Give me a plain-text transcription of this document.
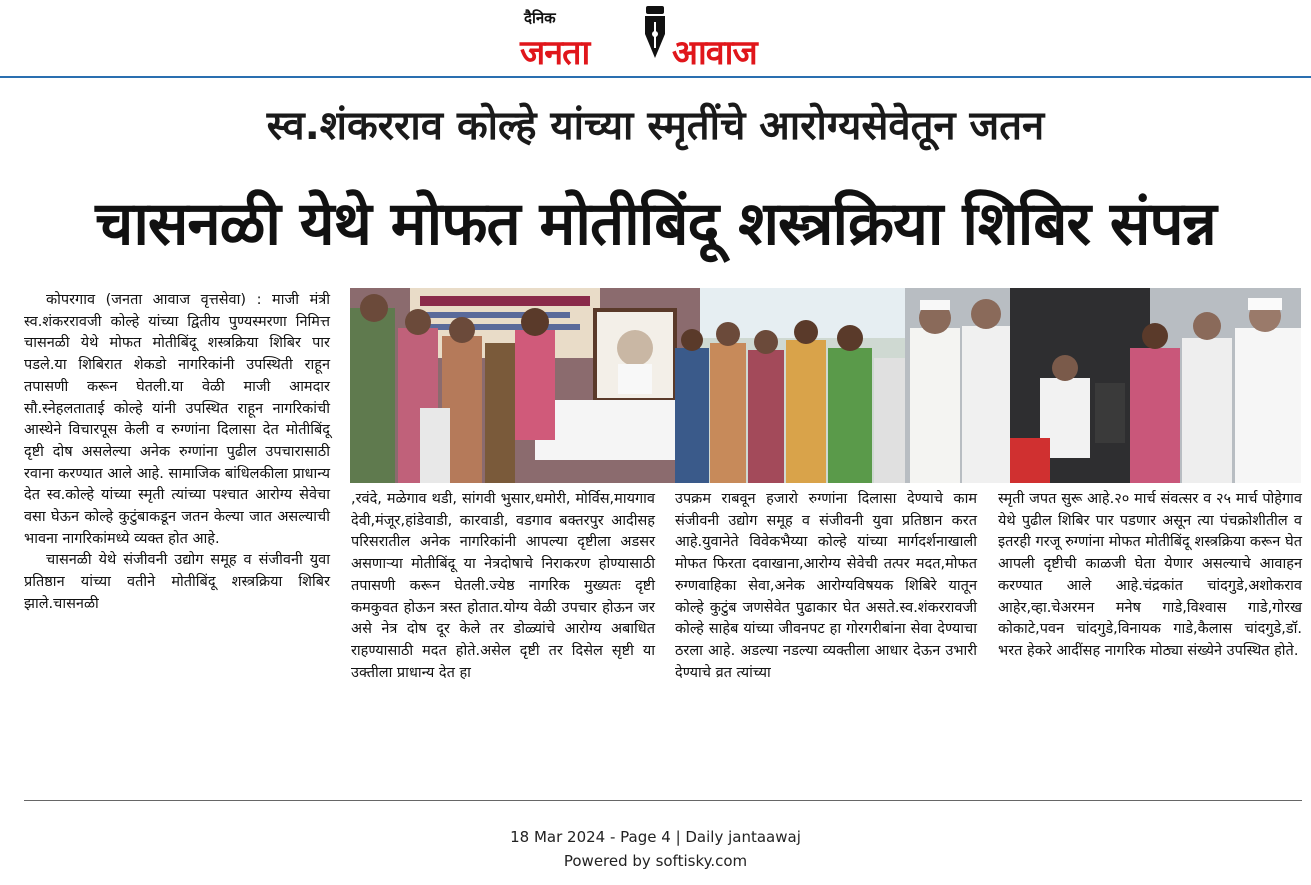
दैनिक
जनता आवाज
स्व.शंकरराव कोल्हे यांच्या स्मृतींचे आरोग्यसेवेतून जतन
चासनळी येथे मोफत मोतीबिंदू शस्त्रक्रिया शिबिर संपन्न

कोपरगाव (जनता आवाज वृत्तसेवा) : माजी मंत्री स्व.शंकररावजी कोल्हे यांच्या द्वितीय पुण्यस्मरणा निमित्त चासनळी येथे मोफत मोतीबिंदू शस्त्रक्रिया शिबिर पार पडले.या शिबिरात शेकडो नागरिकांनी उपस्थिती राहून तपासणी करून घेतली.या वेळी माजी आमदार सौ.स्नेहलताताई कोल्हे यांनी उपस्थित राहून नागरिकांची आस्थेने विचारपूस केली व रुग्णांना दिलासा देत मोतीबिंदू दृष्टी दोष असलेल्या अनेक रुग्णांना पुढील उपचारासाठी रवाना करण्यात आले आहे. सामाजिक बांधिलकीला प्राधान्य देत स्व.कोल्हे यांच्या स्मृती त्यांच्या पश्चात आरोग्य सेवेचा वसा घेऊन कोल्हे कुटुंबाकडून जतन केल्या जात असल्याची भावना नागरिकांमध्ये व्यक्त होत आहे.

चासनळी येथे संजीवनी उद्योग समूह व संजीवनी युवा प्रतिष्ठान यांच्या वतीने मोतीबिंदू शस्त्रक्रिया शिबिर झाले.चासनळी

,रवंदे, मळेगाव थडी, सांगवी भुसार,धमोरी, मोर्विस,मायगाव देवी,मंजूर,हांडेवाडी, कारवाडी, वडगाव बक्तरपुर आदीसह परिसरातील अनेक नागरिकांनी आपल्या दृष्टीला अडसर असणाऱ्या मोतीबिंदू या नेत्रदोषाचे निराकरण होण्यासाठी तपासणी करून घेतली.ज्येष्ठ नागरिक मुख्यतः दृष्टी कमकुवत होऊन त्रस्त होतात.योग्य वेळी उपचार होऊन जर असे नेत्र दोष दूर केले तर डोळ्यांचे आरोग्य अबाधित राहण्यासाठी मदत होते.असेल दृष्टी तर दिसेल सृष्टी या उक्तीला प्राधान्य देत हा

उपक्रम राबवून हजारो रुग्णांना दिलासा देण्याचे काम संजीवनी उद्योग समूह व संजीवनी युवा प्रतिष्ठान करत आहे.युवानेते विवेकभैय्या कोल्हे यांच्या मार्गदर्शनाखाली मोफत फिरता दवाखाना,आरोग्य सेवेची तत्पर मदत,मोफत रुग्णवाहिका सेवा,अनेक आरोग्यविषयक शिबिरे यातून कोल्हे कुटुंब जणसेवेत पुढाकार घेत असते.स्व.शंकररावजी कोल्हे साहेब यांच्या जीवनपट हा गोरगरीबांना सेवा देण्याचा ठरला आहे. अडल्या नडल्या व्यक्तीला आधार देऊन उभारी देण्याचे व्रत त्यांच्या

स्मृती जपत सुरू आहे.२० मार्च संवत्सर व २५ मार्च पोहेगाव येथे पुढील शिबिर पार पडणार असून त्या पंचक्रोशीतील व इतरही गरजू रुग्णांना मोफत मोतीबिंदू शस्त्रक्रिया करून घेत आपली दृष्टीची काळजी घेता येणार असल्याचे आवाहन करण्यात आले आहे.चंद्रकांत चांदगुडे,अशोकराव आहेर,व्हा.चेअरमन मनेष गाडे,विश्वास गाडे,गोरख कोकाटे,पवन चांदगुडे,विनायक गाडे,कैलास चांदगुडे,डॉ. भरत हेकरे आदींसह नागरिक मोठ्या संख्येने उपस्थित होते.

18 Mar 2024 - Page 4 | Daily jantaawaj
Powered by softisky.com
